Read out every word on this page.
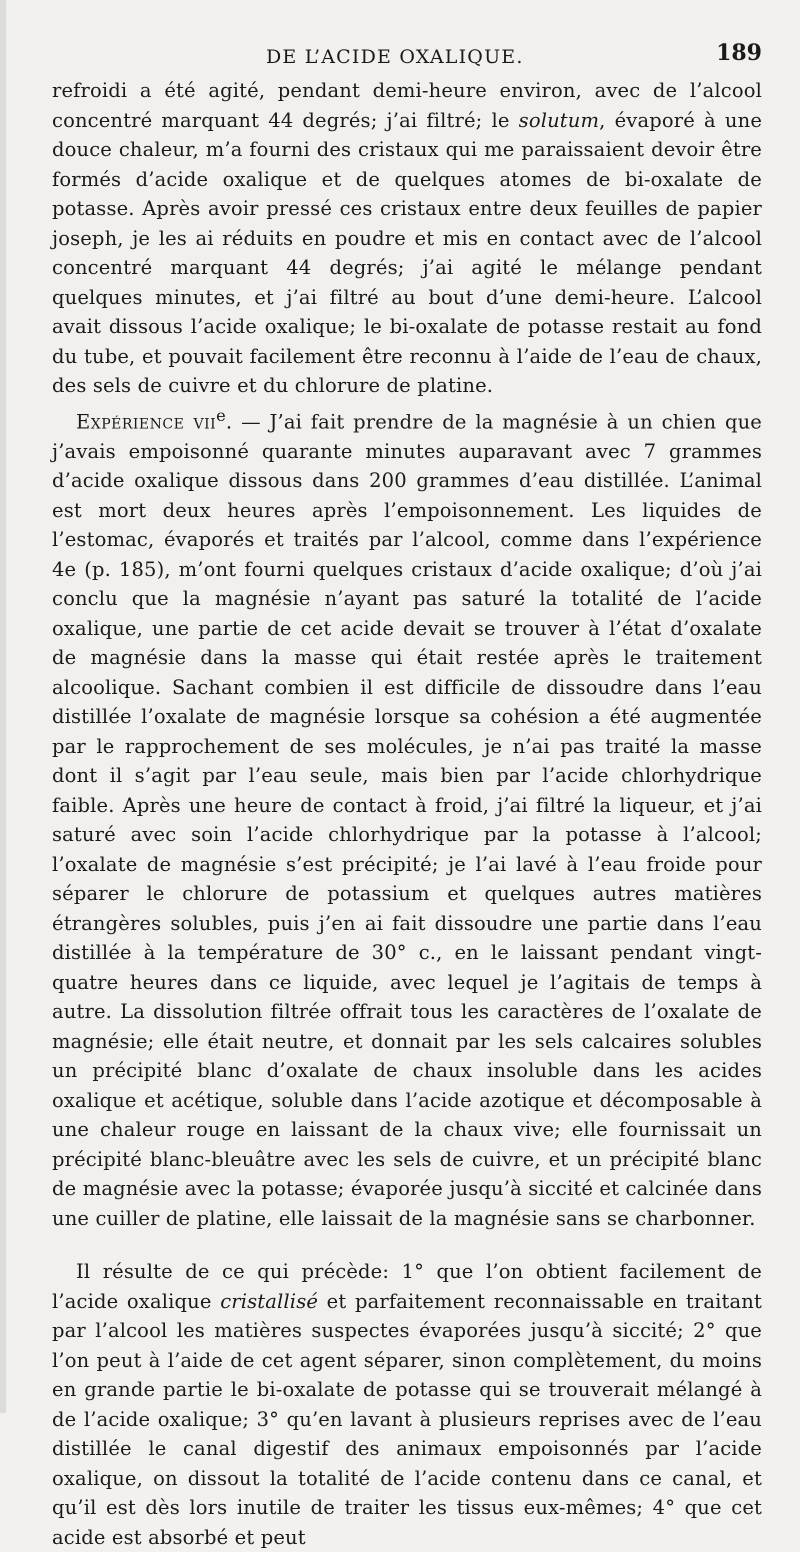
DE L’ACIDE OXALIQUE.	189

refroidi a été agité, pendant demi-heure environ, avec de l’alcool concentré marquant 44 degrés; j’ai filtré; le solutum, évaporé à une douce chaleur, m’a fourni des cristaux qui me paraissaient devoir être formés d’acide oxalique et de quelques atomes de bi-oxalate de potasse. Après avoir pressé ces cristaux entre deux feuilles de papier joseph, je les ai réduits en poudre et mis en contact avec de l’alcool concentré marquant 44 degrés; j’ai agité le mélange pendant quelques minutes, et j’ai filtré au bout d’une demi-heure. L’alcool avait dissous l’acide oxalique; le bi-oxalate de potasse restait au fond du tube, et pouvait facilement être reconnu à l’aide de l’eau de chaux, des sels de cuivre et du chlorure de platine.

Expérience vii$^e$. — J’ai fait prendre de la magnésie à un chien que j’avais empoisonné quarante minutes auparavant avec 7 grammes d’acide oxalique dissous dans 200 grammes d’eau distillée. L’animal est mort deux heures après l’empoisonnement. Les liquides de l’estomac, évaporés et traités par l’alcool, comme dans l’expérience 4e (p. 185), m’ont fourni quelques cristaux d’acide oxalique; d’où j’ai conclu que la magnésie n’ayant pas saturé la totalité de l’acide oxalique, une partie de cet acide devait se trouver à l’état d’oxalate de magnésie dans la masse qui était restée après le traitement alcoolique. Sachant combien il est difficile de dissoudre dans l’eau distillée l’oxalate de magnésie lorsque sa cohésion a été augmentée par le rapprochement de ses molécules, je n’ai pas traité la masse dont il s’agit par l’eau seule, mais bien par l’acide chlorhydrique faible. Après une heure de contact à froid, j’ai filtré la liqueur, et j’ai saturé avec soin l’acide chlorhydrique par la potasse à l’alcool; l’oxalate de magnésie s’est précipité; je l’ai lavé à l’eau froide pour séparer le chlorure de potassium et quelques autres matières étrangères solubles, puis j’en ai fait dissoudre une partie dans l’eau distillée à la température de 30° c., en le laissant pendant vingt-quatre heures dans ce liquide, avec lequel je l’agitais de temps à autre. La dissolution filtrée offrait tous les caractères de l’oxalate de magnésie; elle était neutre, et donnait par les sels calcaires solubles un précipité blanc d’oxalate de chaux insoluble dans les acides oxalique et acétique, soluble dans l’acide azotique et décomposable à une chaleur rouge en laissant de la chaux vive; elle fournissait un précipité blanc-bleuâtre avec les sels de cuivre, et un précipité blanc de magnésie avec la potasse; évaporée jusqu’à siccité et calcinée dans une cuiller de platine, elle laissait de la magnésie sans se charbonner.

Il résulte de ce qui précède: 1° que l’on obtient facilement de l’acide oxalique cristallisé et parfaitement reconnaissable en traitant par l’alcool les matières suspectes évaporées jusqu’à siccité; 2° que l’on peut à l’aide de cet agent séparer, sinon complètement, du moins en grande partie le bi-oxalate de potasse qui se trouverait mélangé à de l’acide oxalique; 3° qu’en lavant à plusieurs reprises avec de l’eau distillée le canal digestif des animaux empoisonnés par l’acide oxalique, on dissout la totalité de l’acide contenu dans ce canal, et qu’il est dès lors inutile de traiter les tissus eux-mêmes; 4° que cet acide est absorbé et peut
